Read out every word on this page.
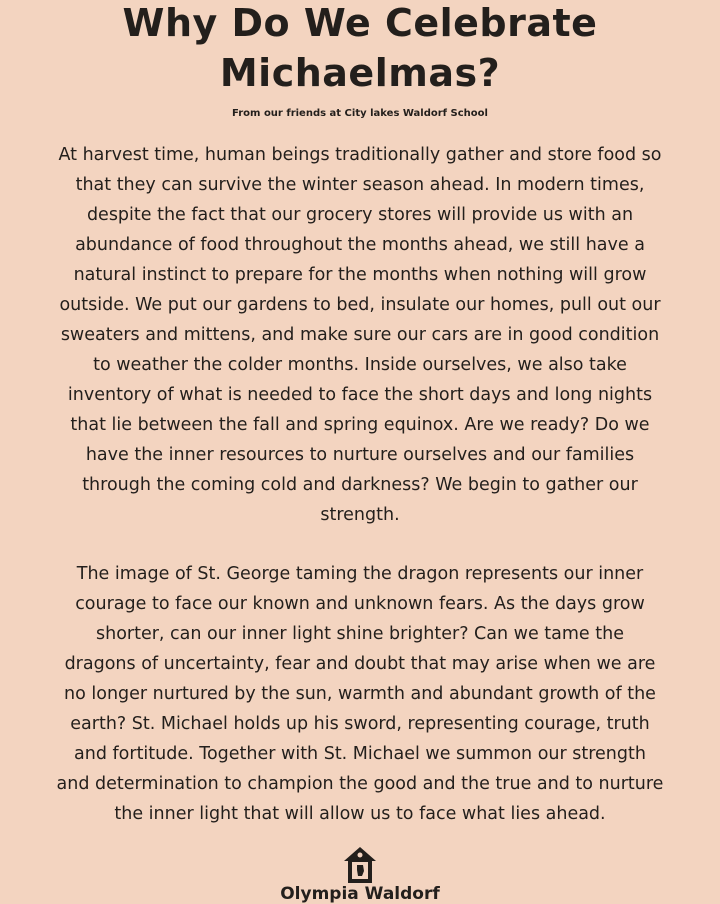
Why Do We Celebrate
Michaelmas?
From our friends at City lakes Waldorf School
At harvest time, human beings traditionally gather and store food so
that they can survive the winter season ahead. In modern times,
despite the fact that our grocery stores will provide us with an
abundance of food throughout the months ahead, we still have a
natural instinct to prepare for the months when nothing will grow
outside. We put our gardens to bed, insulate our homes, pull out our
sweaters and mittens, and make sure our cars are in good condition
to weather the colder months. Inside ourselves, we also take
inventory of what is needed to face the short days and long nights
that lie between the fall and spring equinox. Are we ready? Do we
have the inner resources to nurture ourselves and our families
through the coming cold and darkness? We begin to gather our
strength.
The image of St. George taming the dragon represents our inner
courage to face our known and unknown fears. As the days grow
shorter, can our inner light shine brighter? Can we tame the
dragons of uncertainty, fear and doubt that may arise when we are
no longer nurtured by the sun, warmth and abundant growth of the
earth? St. Michael holds up his sword, representing courage, truth
and fortitude. Together with St. Michael we summon our strength
and determination to champion the good and the true and to nurture
the inner light that will allow us to face what lies ahead.
Olympia Waldorf
